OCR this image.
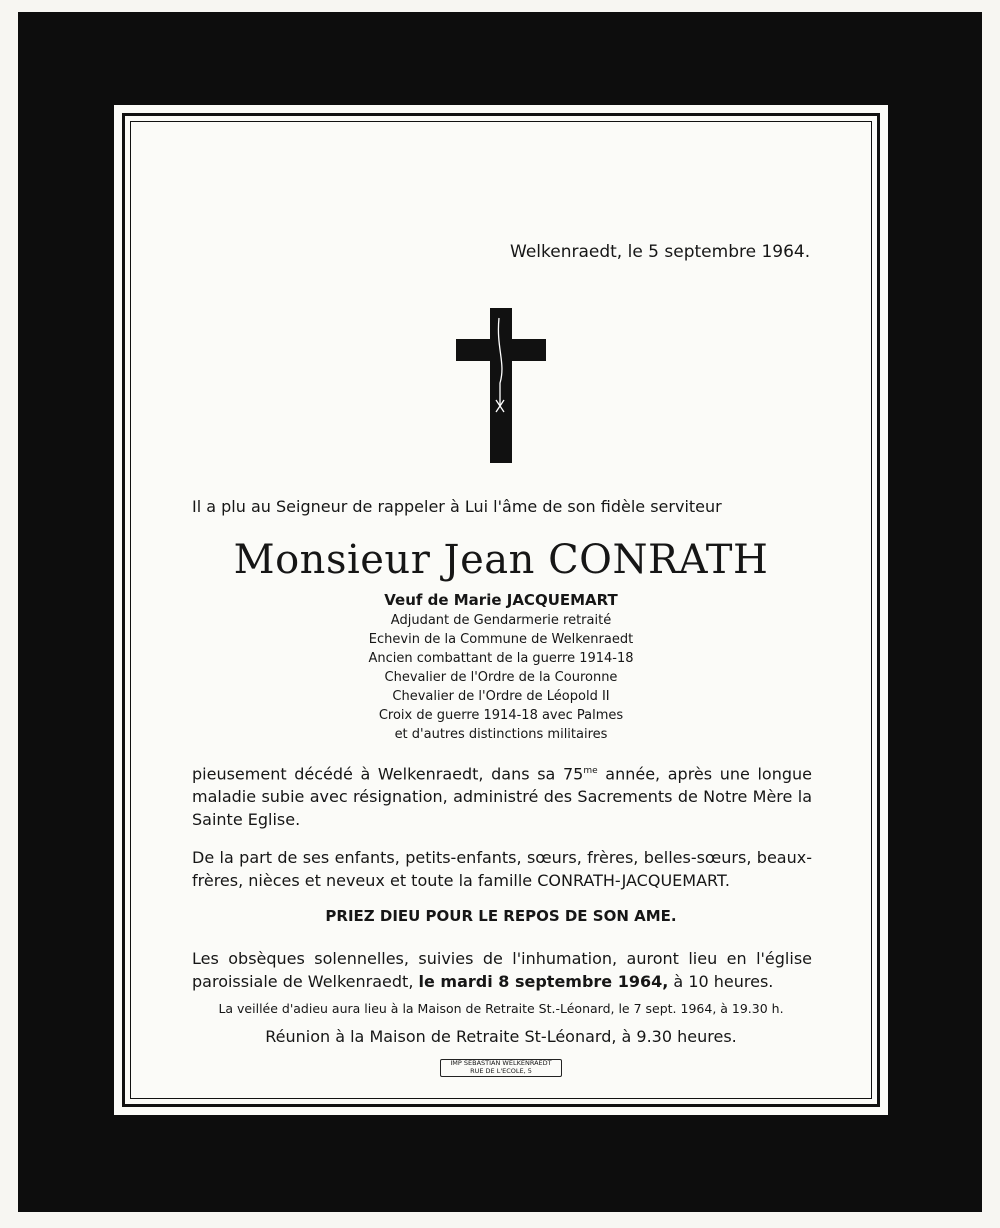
Welkenraedt, le 5 septembre 1964.
Il a plu au Seigneur de rappeler à Lui l'âme de son fidèle serviteur
Monsieur Jean CONRATH
Veuf de Marie JACQUEMART
Adjudant de Gendarmerie retraité
Echevin de la Commune de Welkenraedt
Ancien combattant de la guerre 1914-18
Chevalier de l'Ordre de la Couronne
Chevalier de l'Ordre de Léopold II
Croix de guerre 1914-18 avec Palmes
et d'autres distinctions militaires
pieusement décédé à Welkenraedt, dans sa $75^{me}$ année, après une longue maladie subie avec résignation, administré des Sacrements de Notre Mère la Sainte Eglise.
De la part de ses enfants, petits-enfants, sœurs, frères, belles-sœurs, beaux-frères, nièces et neveux et toute la famille CONRATH-JACQUEMART.
PRIEZ DIEU POUR LE REPOS DE SON AME.
Les obsèques solennelles, suivies de l'inhumation, auront lieu en l'église paroissiale de Welkenraedt, le mardi 8 septembre 1964, à 10 heures.
La veillée d'adieu aura lieu à la Maison de Retraite St.-Léonard, le 7 sept. 1964, à 19.30 h.
Réunion à la Maison de Retraite St-Léonard, à 9.30 heures.
IMP SEBASTIAN WELKENRAEDT
RUE DE L'ECOLE, 5
